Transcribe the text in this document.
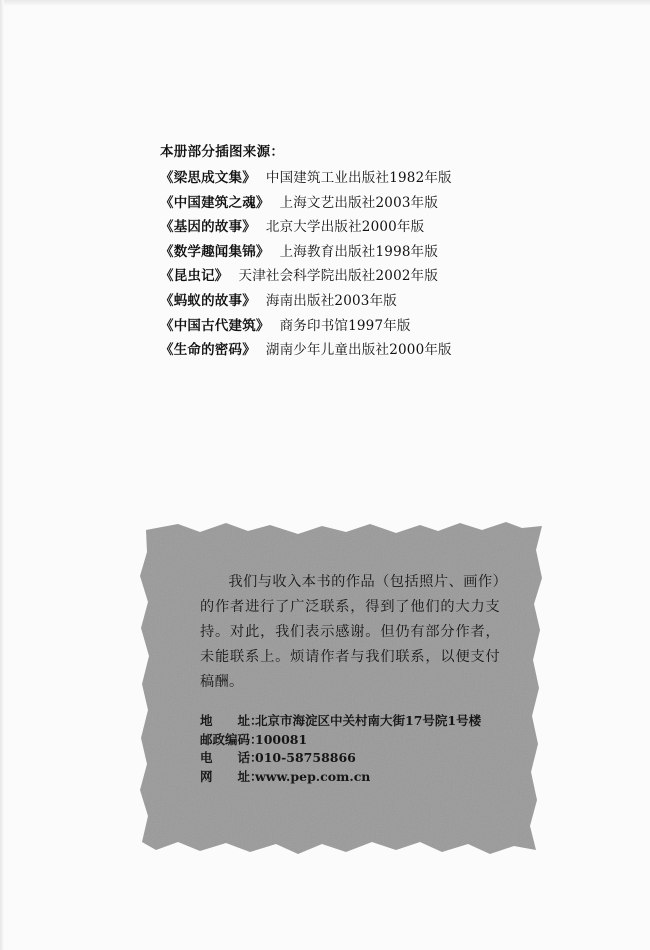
本册部分插图来源：
《梁思成文集》 中国建筑工业出版社1982年版
《中国建筑之魂》 上海文艺出版社2003年版
《基因的故事》 北京大学出版社2000年版
《数学趣闻集锦》 上海教育出版社1998年版
《昆虫记》 天津社会科学院出版社2002年版
《蚂蚁的故事》 海南出版社2003年版
《中国古代建筑》 商务印书馆1997年版
《生命的密码》 湖南少年儿童出版社2000年版

我们与收入本书的作品（包括照片、画作）的作者进行了广泛联系，得到了他们的大力支持。对此，我们表示感谢。但仍有部分作者，未能联系上。烦请作者与我们联系，以便支付稿酬。

地　　址：北京市海淀区中关村南大街17号院1号楼
邮政编码：100081
电　　话：010-58758866
网　　址：www.pep.com.cn
